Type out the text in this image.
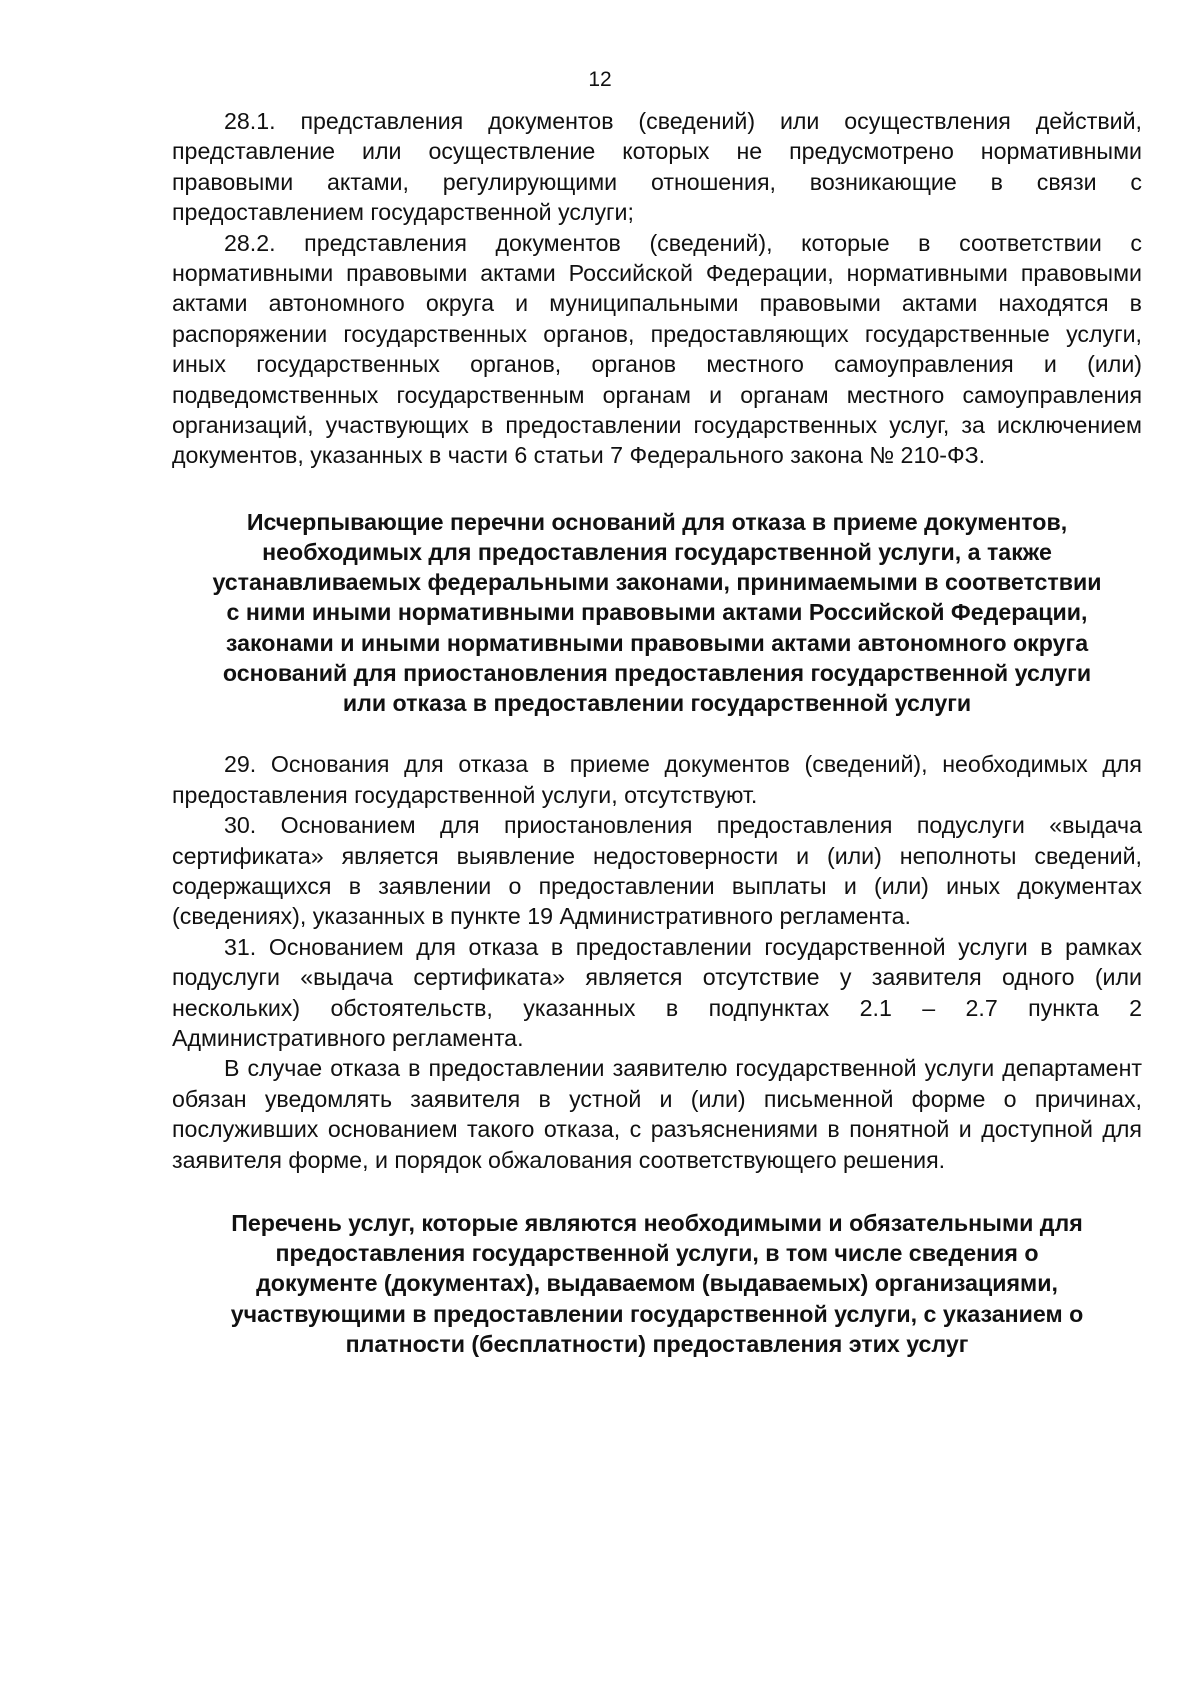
12

28.1. представления документов (сведений) или осуществления действий, представление или осуществление которых не предусмотрено нормативными правовыми актами, регулирующими отношения, возникающие в связи с предоставлением государственной услуги;

28.2. представления документов (сведений), которые в соответствии с нормативными правовыми актами Российской Федерации, нормативными правовыми актами автономного округа и муниципальными правовыми актами находятся в распоряжении государственных органов, предоставляющих государственные услуги, иных государственных органов, органов местного самоуправления и (или) подведомственных государственным органам и органам местного самоуправления организаций, участвующих в предоставлении государственных услуг, за исключением документов, указанных в части 6 статьи 7 Федерального закона № 210-ФЗ.

Исчерпывающие перечни оснований для отказа в приеме документов, необходимых для предоставления государственной услуги, а также устанавливаемых федеральными законами, принимаемыми в соответствии с ними иными нормативными правовыми актами Российской Федерации, законами и иными нормативными правовыми актами автономного округа оснований для приостановления предоставления государственной услуги или отказа в предоставлении государственной услуги

29. Основания для отказа в приеме документов (сведений), необходимых для предоставления государственной услуги, отсутствуют.

30. Основанием для приостановления предоставления подуслуги «выдача сертификата» является выявление недостоверности и (или) неполноты сведений, содержащихся в заявлении о предоставлении выплаты и (или) иных документах (сведениях), указанных в пункте 19 Административного регламента.

31. Основанием для отказа в предоставлении государственной услуги в рамках подуслуги «выдача сертификата» является отсутствие у заявителя одного (или нескольких) обстоятельств, указанных в подпунктах 2.1 – 2.7 пункта 2 Административного регламента.

В случае отказа в предоставлении заявителю государственной услуги департамент обязан уведомлять заявителя в устной и (или) письменной форме о причинах, послуживших основанием такого отказа, с разъяснениями в понятной и доступной для заявителя форме, и порядок обжалования соответствующего решения.

Перечень услуг, которые являются необходимыми и обязательными для предоставления государственной услуги, в том числе сведения о документе (документах), выдаваемом (выдаваемых) организациями, участвующими в предоставлении государственной услуги, с указанием о платности (бесплатности) предоставления этих услуг
